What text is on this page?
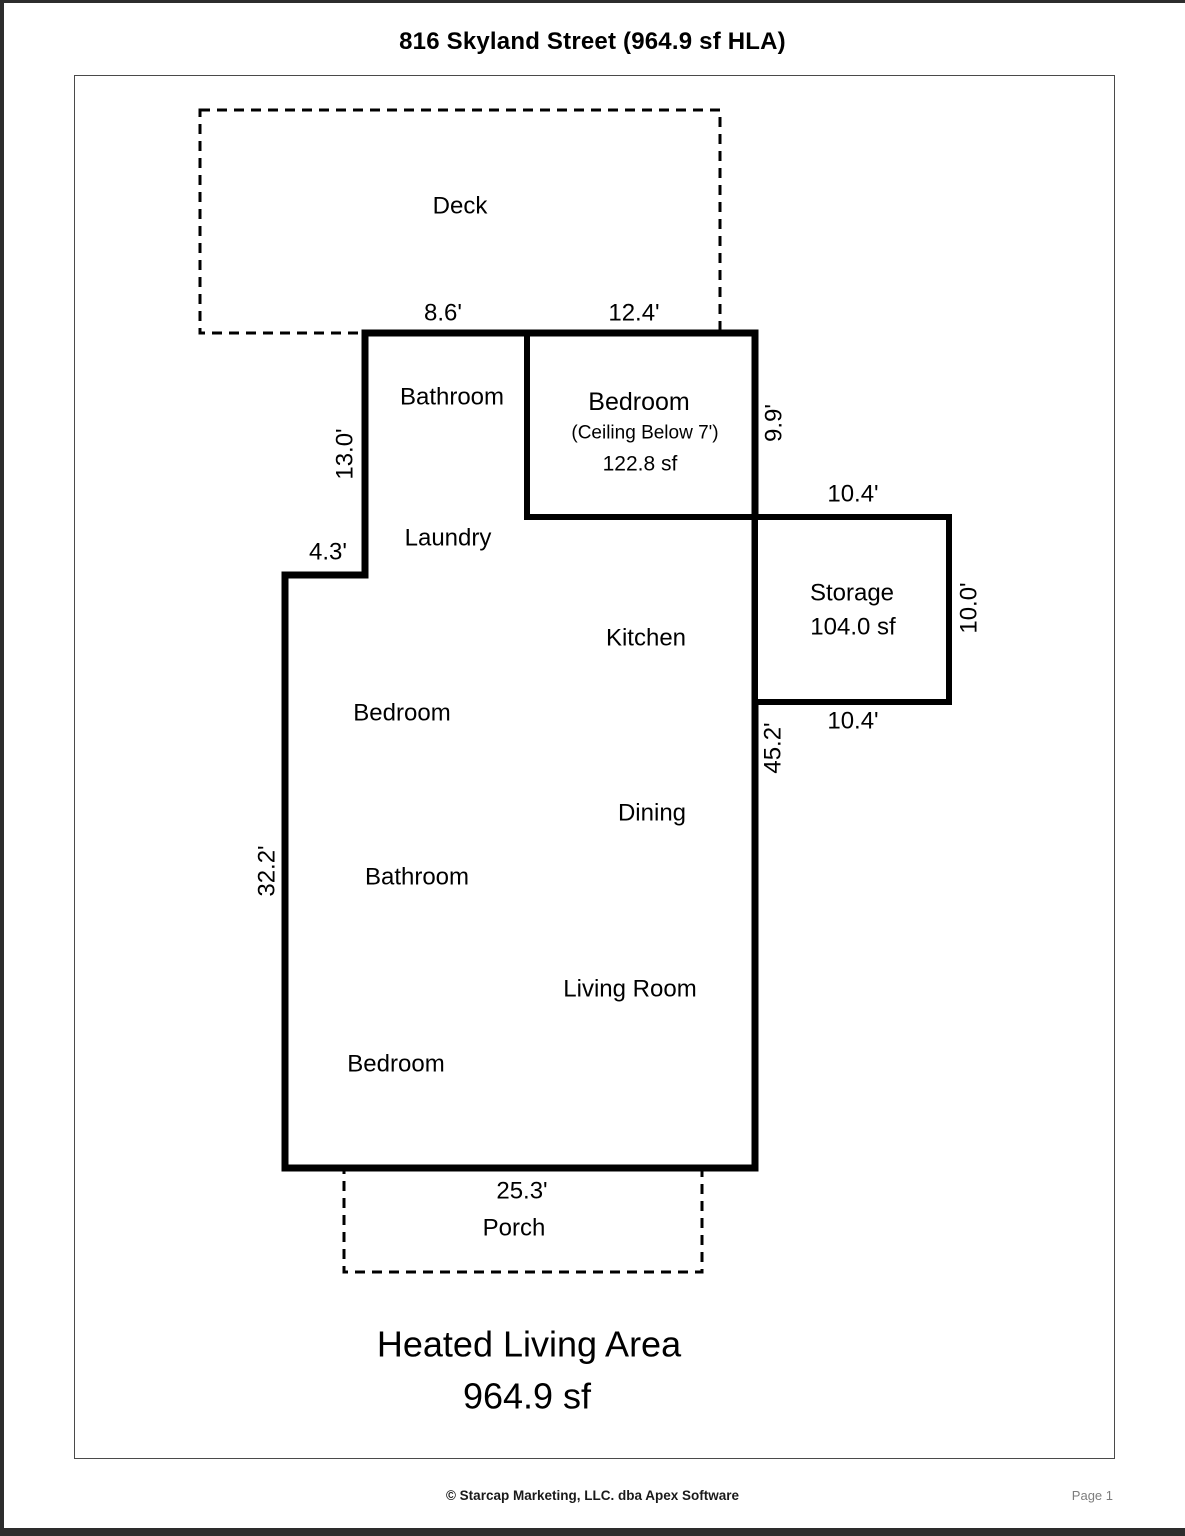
816 Skyland Street (964.9 sf HLA)
Deck
Bathroom	Bedroom
(Ceiling Below 7')
122.8 sf
Laundry
Storage
104.0 sf
Kitchen
Bedroom
Dining
Bathroom
Living Room
Bedroom
Porch
8.6'	12.4'
13.0'
9.9'
4.3'
10.4'
10.0'
10.4'
45.2'
32.2'
25.3'
Heated Living Area
964.9 sf
© Starcap Marketing, LLC. dba Apex Software	Page 1
